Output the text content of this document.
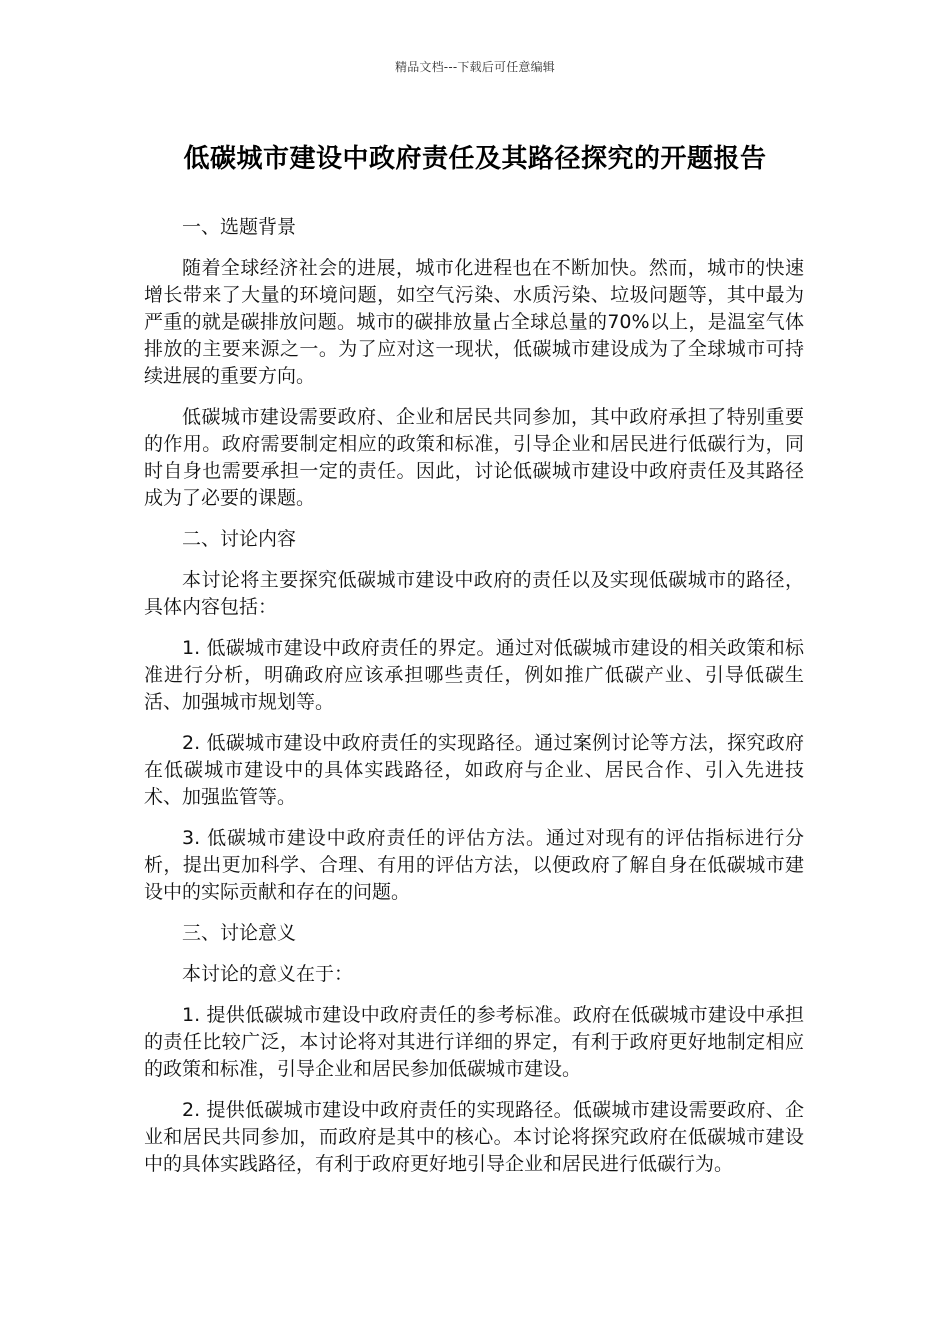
精品文档---下载后可任意编辑
低碳城市建设中政府责任及其路径探究的开题报告

一、选题背景

随着全球经济社会的进展，城市化进程也在不断加快。然而，城市的快速增长带来了大量的环境问题，如空气污染、水质污染、垃圾问题等，其中最为严重的就是碳排放问题。城市的碳排放量占全球总量的70%以上，是温室气体排放的主要来源之一。为了应对这一现状，低碳城市建设成为了全球城市可持续进展的重要方向。

低碳城市建设需要政府、企业和居民共同参加，其中政府承担了特别重要的作用。政府需要制定相应的政策和标准，引导企业和居民进行低碳行为，同时自身也需要承担一定的责任。因此，讨论低碳城市建设中政府责任及其路径成为了必要的课题。

二、讨论内容

本讨论将主要探究低碳城市建设中政府的责任以及实现低碳城市的路径，具体内容包括：

1. 低碳城市建设中政府责任的界定。通过对低碳城市建设的相关政策和标准进行分析，明确政府应该承担哪些责任，例如推广低碳产业、引导低碳生活、加强城市规划等。

2. 低碳城市建设中政府责任的实现路径。通过案例讨论等方法，探究政府在低碳城市建设中的具体实践路径，如政府与企业、居民合作、引入先进技术、加强监管等。

3. 低碳城市建设中政府责任的评估方法。通过对现有的评估指标进行分析，提出更加科学、合理、有用的评估方法，以便政府了解自身在低碳城市建设中的实际贡献和存在的问题。

三、讨论意义

本讨论的意义在于：

1. 提供低碳城市建设中政府责任的参考标准。政府在低碳城市建设中承担的责任比较广泛，本讨论将对其进行详细的界定，有利于政府更好地制定相应的政策和标准，引导企业和居民参加低碳城市建设。

2. 提供低碳城市建设中政府责任的实现路径。低碳城市建设需要政府、企业和居民共同参加，而政府是其中的核心。本讨论将探究政府在低碳城市建设中的具体实践路径，有利于政府更好地引导企业和居民进行低碳行为。
